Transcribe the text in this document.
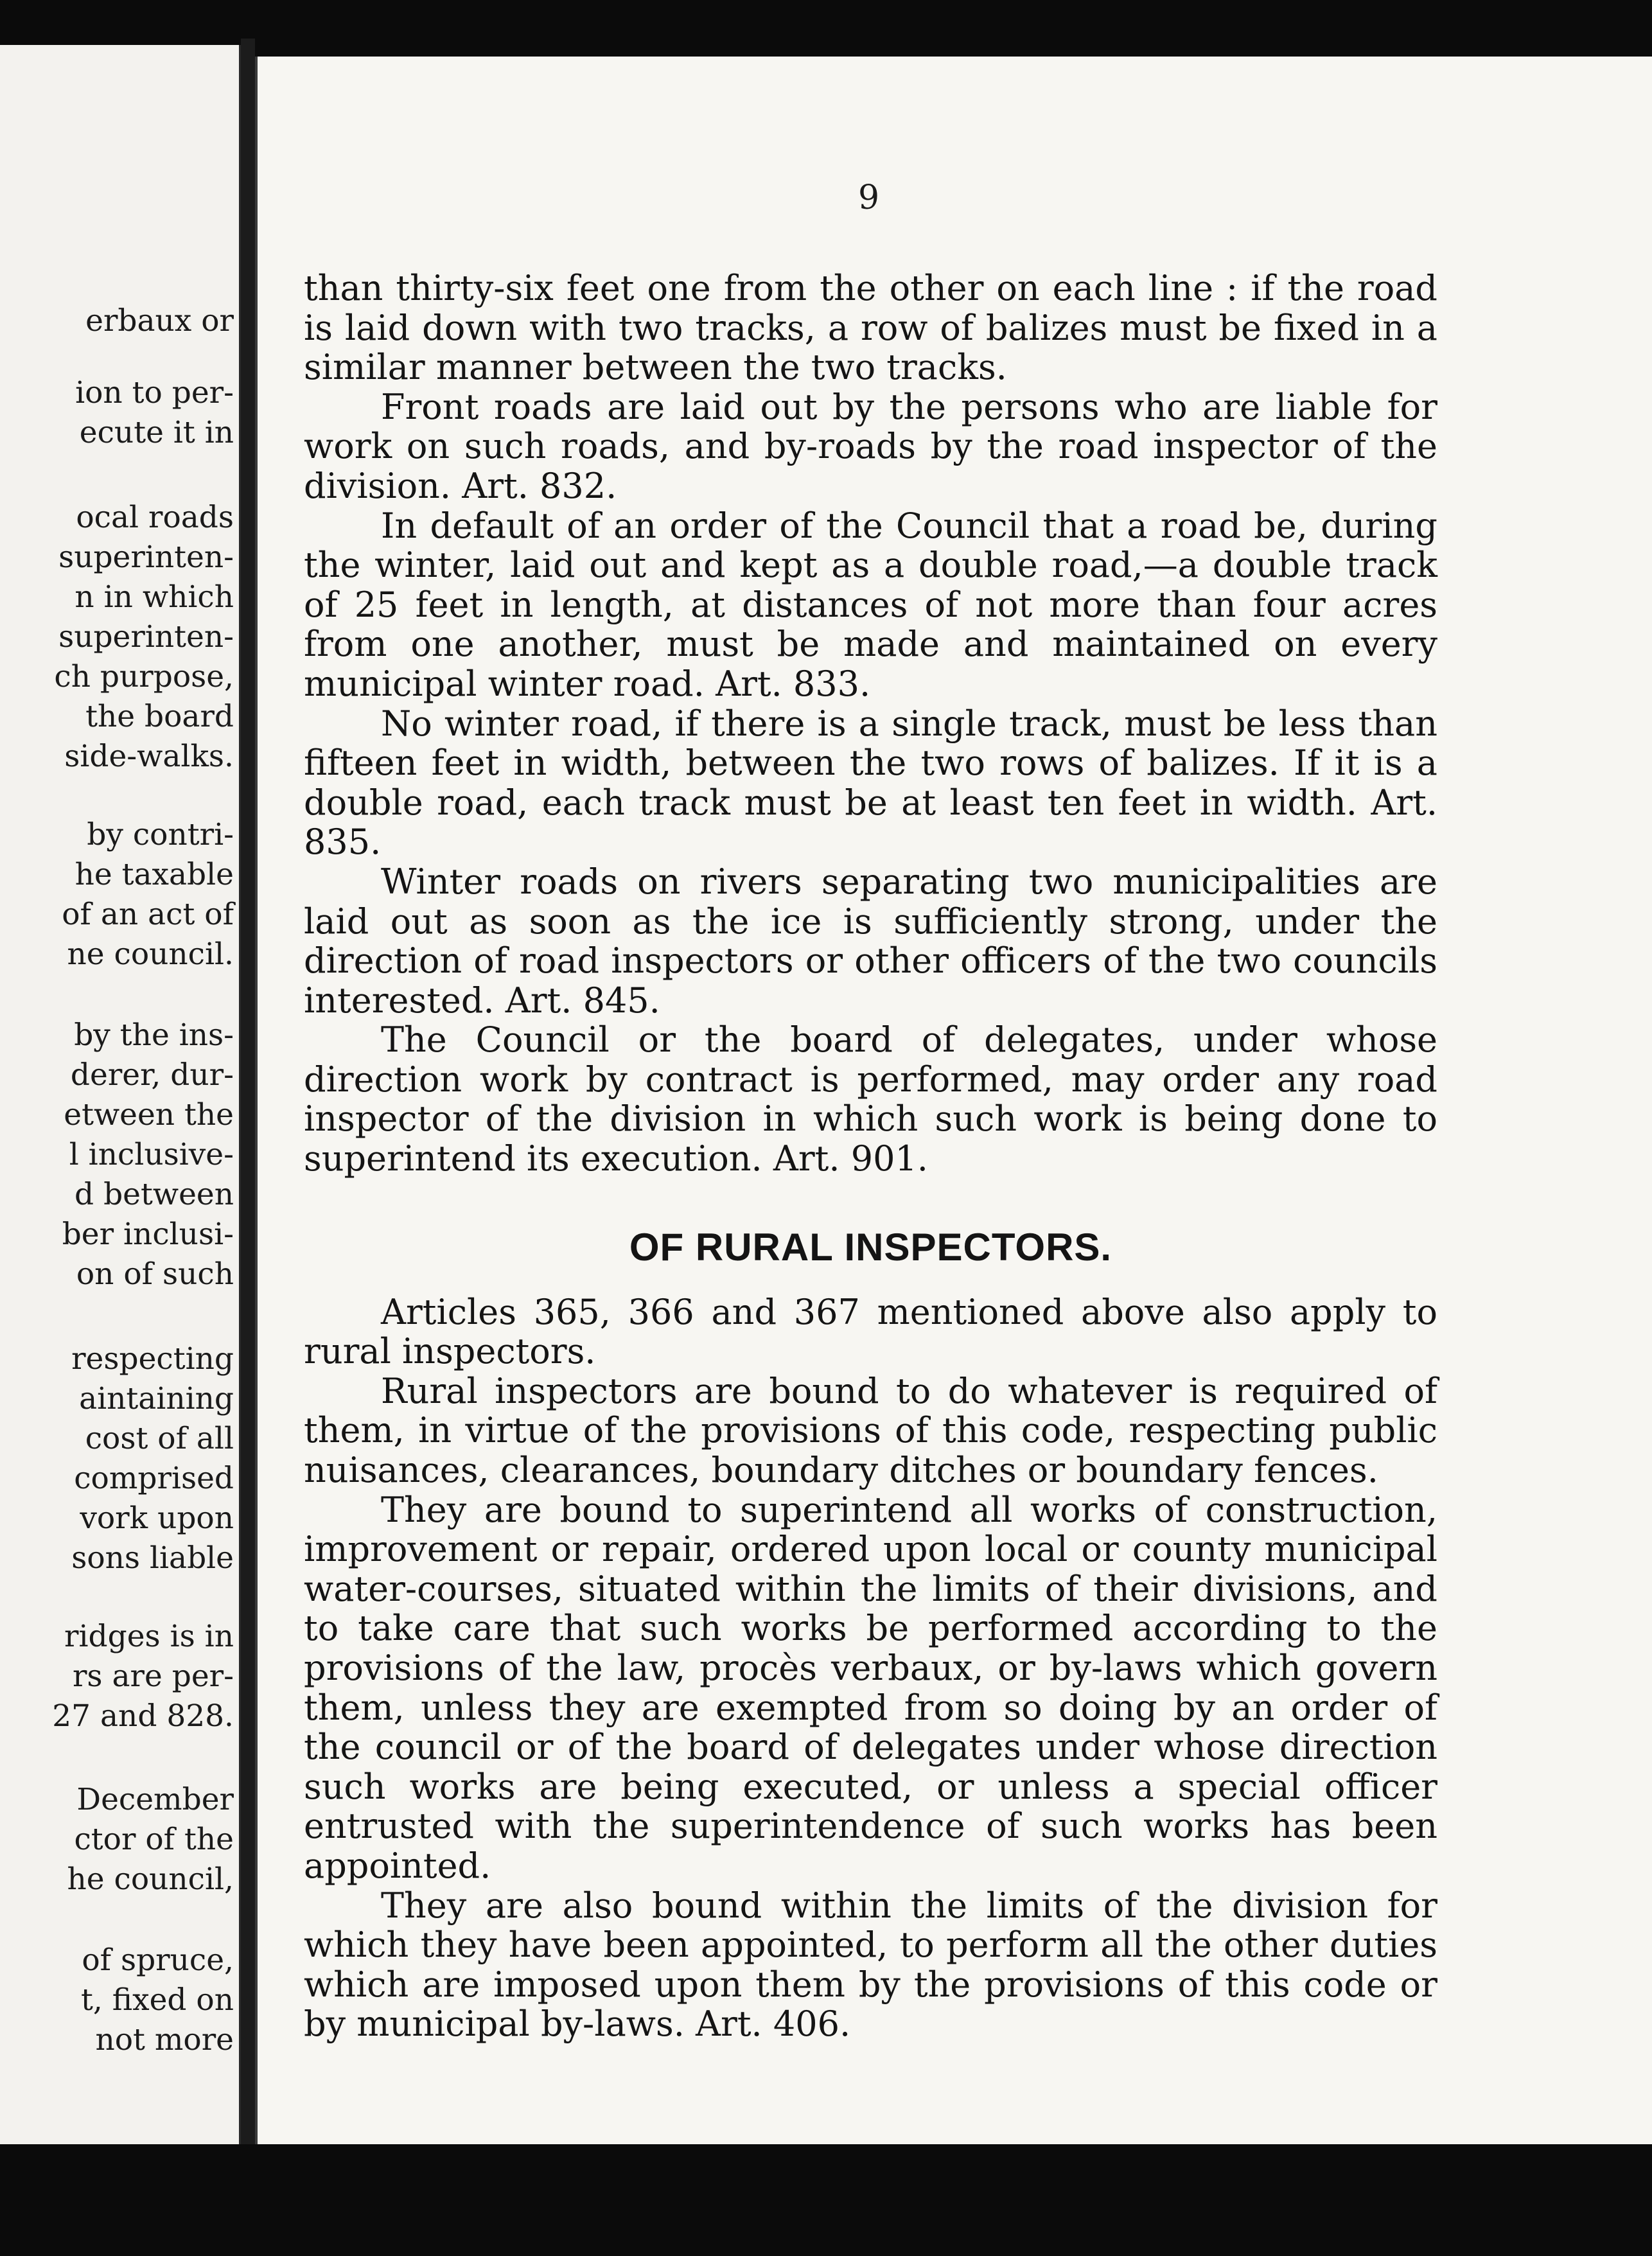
erbaux or
ion to per-
ecute it in
ocal roads
superinten-
n in which
superinten-
ch purpose,
the board
side-walks.
by contri-
he taxable
of an act of
ne council.
by the ins-
derer, dur-
etween the
l inclusive-
d between
ber inclusi-
on of such
respecting
aintaining
cost of all
comprised
vork upon
sons liable
ridges is in
rs are per-
27 and 828.
December
ctor of the
he council,
of spruce,
t, fixed on
not more
9

than thirty-six feet one from the other on each line : if the road is laid down with two tracks, a row of balizes must be fixed in a similar manner between the two tracks.

Front roads are laid out by the persons who are liable for work on such roads, and by-roads by the road inspector of the division. Art. 832.

In default of an order of the Council that a road be, during the winter, laid out and kept as a double road,—a double track of 25 feet in length, at distances of not more than four acres from one another, must be made and maintained on every municipal winter road. Art. 833.

No winter road, if there is a single track, must be less than fifteen feet in width, between the two rows of balizes. If it is a double road, each track must be at least ten feet in width. Art. 835.

Winter roads on rivers separating two municipalities are laid out as soon as the ice is sufficiently strong, under the direction of road inspectors or other officers of the two councils interested. Art. 845.

The Council or the board of delegates, under whose direction work by contract is performed, may order any road inspector of the division in which such work is being done to superintend its execution. Art. 901.

OF RURAL INSPECTORS.

Articles 365, 366 and 367 mentioned above also apply to rural inspectors.

Rural inspectors are bound to do whatever is required of them, in virtue of the provisions of this code, respecting public nuisances, clearances, boundary ditches or boundary fences.

They are bound to superintend all works of construction, improvement or repair, ordered upon local or county municipal water-courses, situated within the limits of their divisions, and to take care that such works be performed according to the provisions of the law, procès verbaux, or by-laws which govern them, unless they are exempted from so doing by an order of the council or of the board of delegates under whose direction such works are being executed, or unless a special officer entrusted with the superintendence of such works has been appointed.

They are also bound within the limits of the division for which they have been appointed, to perform all the other duties which are imposed upon them by the provisions of this code or by municipal by-laws. Art. 406.
